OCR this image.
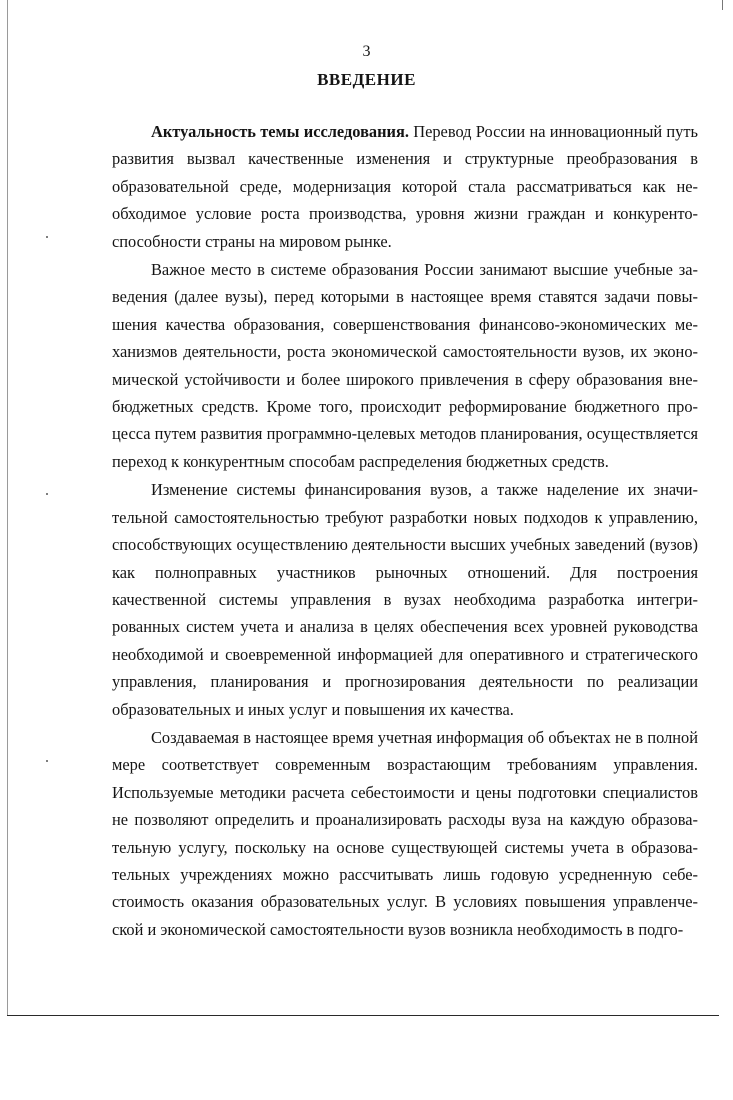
3
ВВЕДЕНИЕ

Актуальность темы исследования. Перевод России на инновационный путь развития вызвал качественные изменения и структурные преобразования в образовательной среде, модернизация которой стала рассматриваться как необходимое условие роста производства, уровня жизни граждан и конкурентоспособности страны на мировом рынке.

Важное место в системе образования России занимают высшие учебные заведения (далее вузы), перед которыми в настоящее время ставятся задачи повышения качества образования, совершенствования финансово-экономических механизмов деятельности, роста экономической самостоятельности вузов, их экономической устойчивости и более широкого привлечения в сферу образования внебюджетных средств. Кроме того, происходит реформирование бюджетного процесса путем развития программно-целевых методов планирования, осуществляется переход к конкурентным способам распределения бюджетных средств.

Изменение системы финансирования вузов, а также наделение их значительной самостоятельностью требуют разработки новых подходов к управлению, способствующих осуществлению деятельности высших учебных заведений (вузов) как полноправных участников рыночных отношений. Для построения качественной системы управления в вузах необходима разработка интегрированных систем учета и анализа в целях обеспечения всех уровней руководства необходимой и своевременной информацией для оперативного и стратегического управления, планирования и прогнозирования деятельности по реализации образовательных и иных услуг и повышения их качества.

Создаваемая в настоящее время учетная информация об объектах не в полной мере соответствует современным возрастающим требованиям управления. Используемые методики расчета себестоимости и цены подготовки специалистов не позволяют определить и проанализировать расходы вуза на каждую образовательную услугу, поскольку на основе существующей системы учета в образовательных учреждениях можно рассчитывать лишь годовую усредненную себестоимость оказания образовательных услуг. В условиях повышения управленческой и экономической самостоятельности вузов возникла необходимость в подго-
